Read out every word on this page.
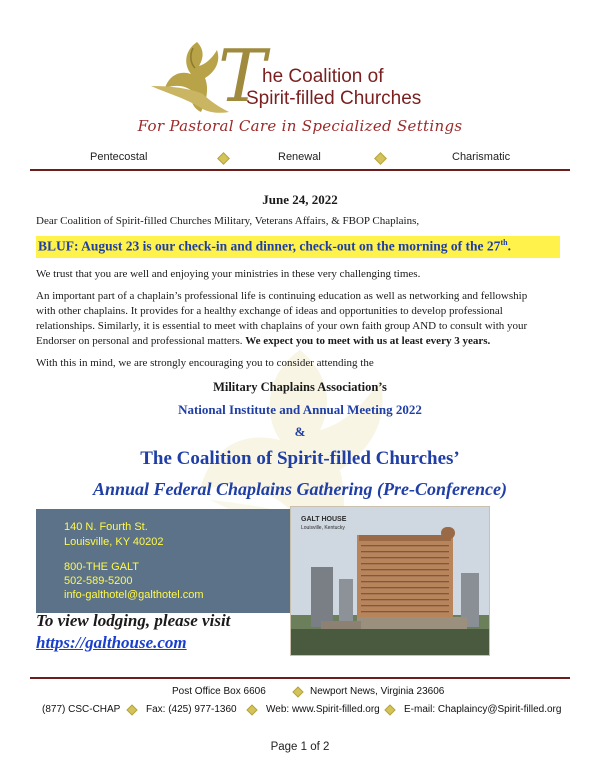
T
he Coalition of
Spirit-filled Churches
For Pastoral Care in Specialized Settings
Pentecostal	Renewal	Charismatic
June 24, 2022
Dear Coalition of Spirit-filled Churches Military, Veterans Affairs, & FBOP Chaplains,
BLUF: August 23 is our check-in and dinner, check-out on the morning of the 27th.
We trust that you are well and enjoying your ministries in these very challenging times.
An important part of a chaplain’s professional life is continuing education as well as networking and fellowship
with other chaplains. It provides for a healthy exchange of ideas and opportunities to develop professional
relationships. Similarly, it is essential to meet with chaplains of your own faith group AND to consult with your
Endorser on personal and professional matters. We expect you to meet with us at least every 3 years.
With this in mind, we are strongly encouraging you to consider attending the
Military Chaplains Association’s
National Institute and Annual Meeting 2022
&
The Coalition of Spirit-filled Churches’
Annual Federal Chaplains Gathering (Pre-Conference)
140 N. Fourth St.
Louisville, KY 40202
800-THE GALT
502-589-5200
info-galthotel@galthotel.com
GALT HOUSE
Louisville, Kentucky
To view lodging, please visit
https://galthouse.com
Post Office Box 6606	Newport News, Virginia 23606
(877) CSC-CHAP	Fax: (425) 977-1360	Web: www.Spirit-filled.org E-mail: Chaplaincy@Spirit-filled.org
Page 1 of 2
